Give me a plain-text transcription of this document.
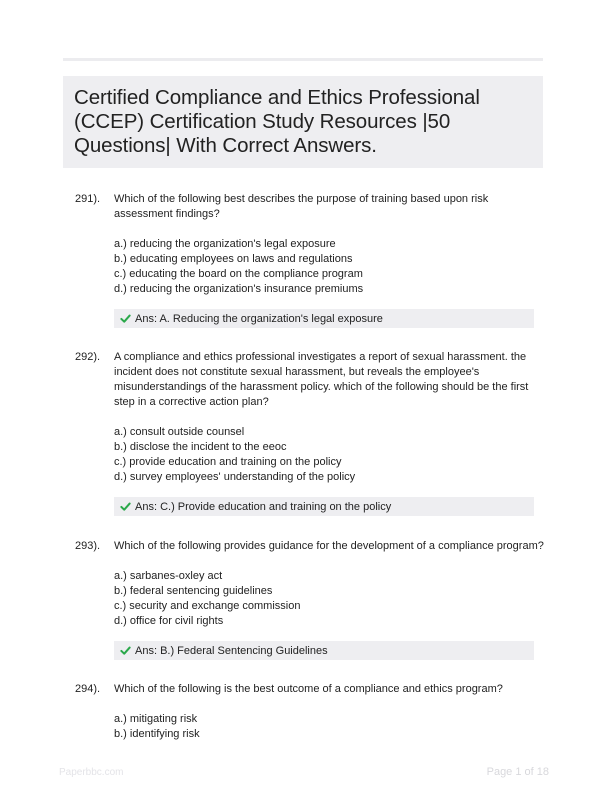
Certified Compliance and Ethics Professional (CCEP) Certification Study Resources |50 Questions| With Correct Answers.
291). Which of the following best describes the purpose of training based upon risk assessment findings?
a.) reducing the organization's legal exposure
b.) educating employees on laws and regulations
c.) educating the board on the compliance program
d.) reducing the organization's insurance premiums
Ans: A. Reducing the organization's legal exposure
292). A compliance and ethics professional investigates a report of sexual harassment. the incident does not constitute sexual harassment, but reveals the employee's misunderstandings of the harassment policy. which of the following should be the first step in a corrective action plan?
a.) consult outside counsel
b.) disclose the incident to the eeoc
c.) provide education and training on the policy
d.) survey employees' understanding of the policy
Ans: C.) Provide education and training on the policy
293). Which of the following provides guidance for the development of a compliance program?
a.) sarbanes-oxley act
b.) federal sentencing guidelines
c.) security and exchange commission
d.) office for civil rights
Ans: B.) Federal Sentencing Guidelines
294). Which of the following is the best outcome of a compliance and ethics program?
a.) mitigating risk
b.) identifying risk
Paperbbc.com	Page 1 of 18
